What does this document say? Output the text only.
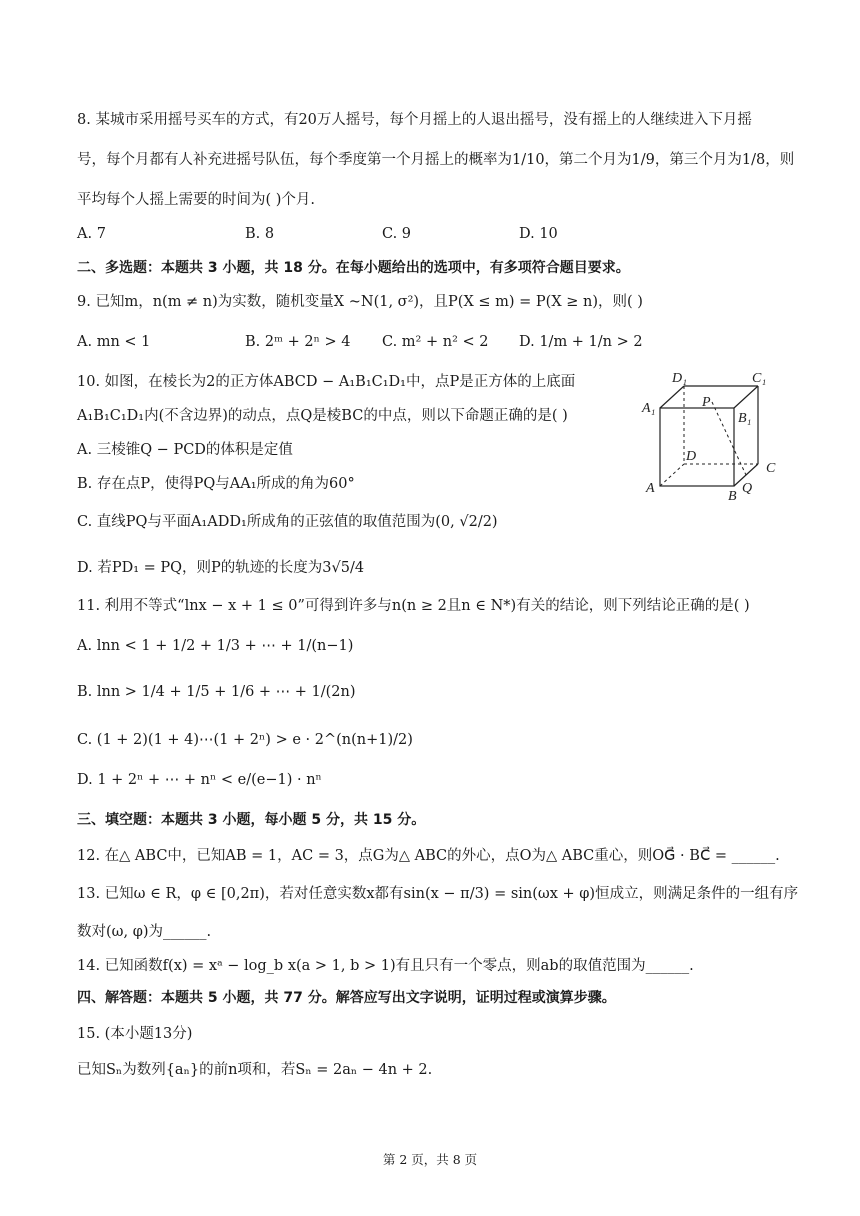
8. 某城市采用摇号买车的方式，有20万人摇号，每个月摇上的人退出摇号，没有摇上的人继续进入下月摇
号，每个月都有人补充进摇号队伍，每个季度第一个月摇上的概率为1/10，第二个月为1/9，第三个月为1/8，则
平均每个人摇上需要的时间为( )个月.
A. 7	B. 8	C. 9	D. 10
二、多选题：本题共 3 小题，共 18 分。在每小题给出的选项中，有多项符合题目要求。
9. 已知m，n(m ≠ n)为实数，随机变量X ~N(1, σ²)，且P(X ≤ m) = P(X ≥ n)，则( )
A. mn < 1	B. 2ᵐ + 2ⁿ > 4 C. m² + n² < 2 D. 1/m + 1/n > 2
10. 如图，在棱长为2的正方体ABCD − A₁B₁C₁D₁中，点P是正方体的上底面
A₁B₁C₁D₁内(不含边界)的动点，点Q是棱BC的中点，则以下命题正确的是( )
A. 三棱锥Q − PCD的体积是定值
B. 存在点P，使得PQ与AA₁所成的角为60°
C. 直线PQ与平面A₁ADD₁所成角的正弦值的取值范围为(0, √2/2)
D. 若PD₁ = PQ，则P的轨迹的长度为3√5/4
D₁	C₁
A₁	P
B₁
D
C
A
B
Q
11. 利用不等式“lnx − x + 1 ≤ 0”可得到许多与n(n ≥ 2且n ∈ N*)有关的结论，则下列结论正确的是( )
A. lnn < 1 + 1/2 + 1/3 + ⋯ + 1/(n−1)
B. lnn > 1/4 + 1/5 + 1/6 + ⋯ + 1/(2n)
C. (1 + 2)(1 + 4)⋯(1 + 2ⁿ) > e · 2^(n(n+1)/2)
D. 1 + 2ⁿ + ⋯ + nⁿ < e/(e−1) · nⁿ
三、填空题：本题共 3 小题，每小题 5 分，共 15 分。
12. 在△ ABC中，已知AB = 1，AC = 3，点G为△ ABC的外心，点O为△ ABC重心，则OG⃗ · BC⃗ = ______.
13. 已知ω ∈ R，φ ∈ [0,2π)，若对任意实数x都有sin(x − π/3) = sin(ωx + φ)恒成立，则满足条件的一组有序
数对(ω, φ)为______.
14. 已知函数f(x) = xᵃ − log_b x(a > 1, b > 1)有且只有一个零点，则ab的取值范围为______.
四、解答题：本题共 5 小题，共 77 分。解答应写出文字说明，证明过程或演算步骤。
15. (本小题13分)
已知Sₙ为数列{aₙ}的前n项和，若Sₙ = 2aₙ − 4n + 2.
第 2 页，共 8 页
